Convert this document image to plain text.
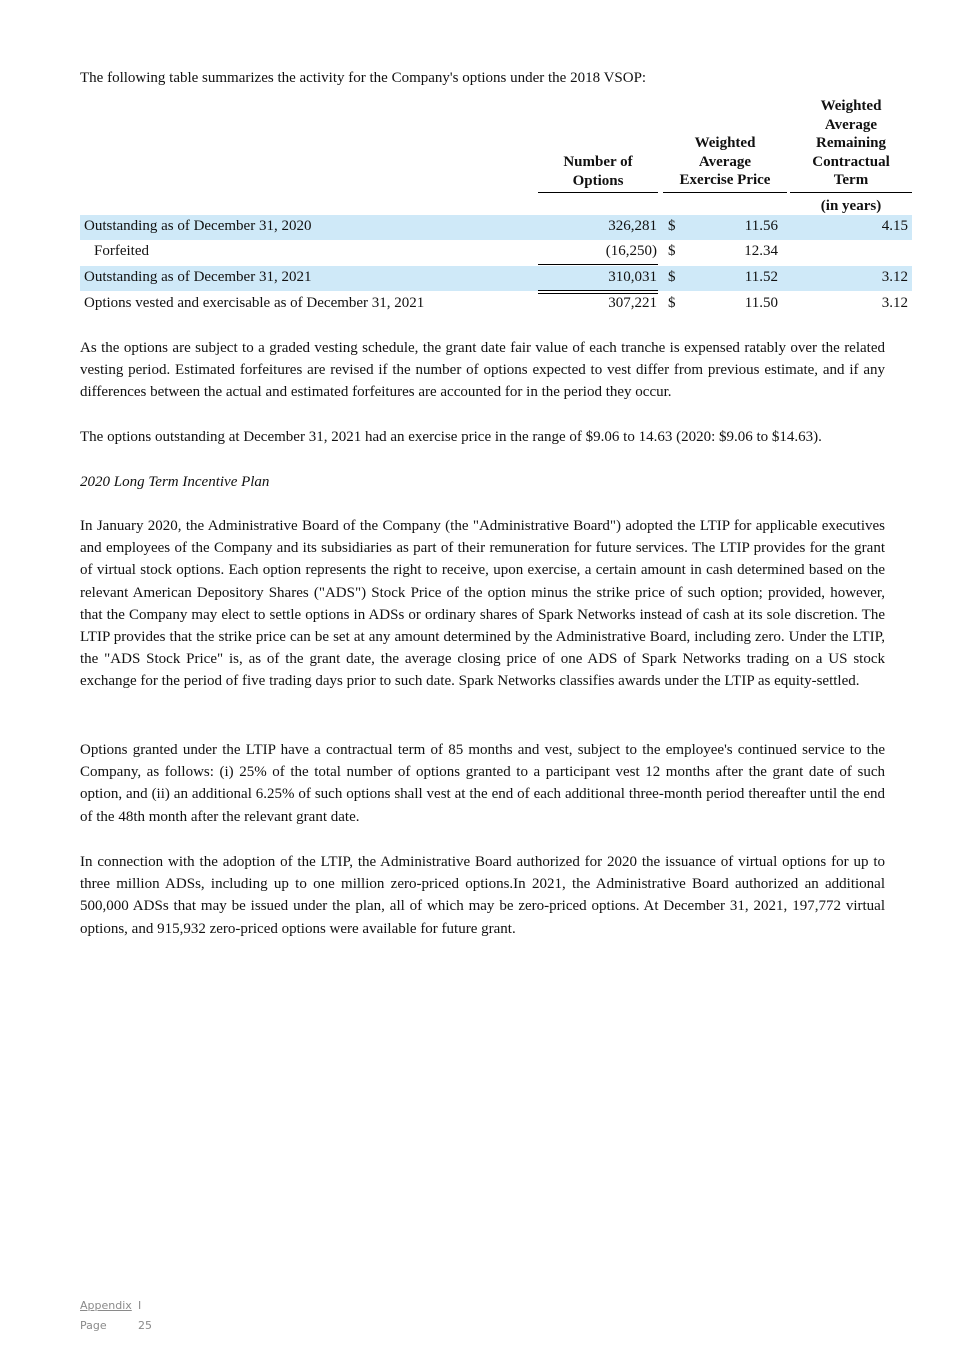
The following table summarizes the activity for the Company's options under the 2018 VSOP:
Number of
Options
Weighted
Average
Exercise Price
Weighted
Average
Remaining
Contractual
Term
(in years)
Outstanding as of December 31, 2020	326,281 $	11.56	4.15
Forfeited	(16,250) $	12.34
Outstanding as of December 31, 2021	310,031 $	11.52	3.12
Options vested and exercisable as of December 31, 2021	307,221 $	11.50	3.12
As the options are subject to a graded vesting schedule, the grant date fair value of each tranche is expensed ratably over the related vesting period. Estimated forfeitures are revised if the number of options expected to vest differ from previous estimate, and if any differences between the actual and estimated forfeitures are accounted for in the period they occur.
The options outstanding at December 31, 2021 had an exercise price in the range of $9.06 to 14.63 (2020: $9.06 to $14.63).
2020 Long Term Incentive Plan
In January 2020, the Administrative Board of the Company (the "Administrative Board") adopted the LTIP for applicable executives and employees of the Company and its subsidiaries as part of their remuneration for future services. The LTIP provides for the grant of virtual stock options. Each option represents the right to receive, upon exercise, a certain amount in cash determined based on the relevant American Depository Shares ("ADS") Stock Price of the option minus the strike price of such option; provided, however, that the Company may elect to settle options in ADSs or ordinary shares of Spark Networks instead of cash at its sole discretion. The LTIP provides that the strike price can be set at any amount determined by the Administrative Board, including zero. Under the LTIP, the "ADS Stock Price" is, as of the grant date, the average closing price of one ADS of Spark Networks trading on a US stock exchange for the period of five trading days prior to such date. Spark Networks classifies awards under the LTIP as equity-settled.
Options granted under the LTIP have a contractual term of 85 months and vest, subject to the employee's continued service to the Company, as follows: (i) 25% of the total number of options granted to a participant vest 12 months after the grant date of such option, and (ii) an additional 6.25% of such options shall vest at the end of each additional three-month period thereafter until the end of the 48th month after the relevant grant date.
In connection with the adoption of the LTIP, the Administrative Board authorized for 2020 the issuance of virtual options for up to three million ADSs, including up to one million zero-priced options.In 2021, the Administrative Board authorized an additional 500,000 ADSs that may be issued under the plan, all of which may be zero-priced options. At December 31, 2021, 197,772 virtual options, and 915,932 zero-priced options were available for future grant.
Appendix I
Page	25
